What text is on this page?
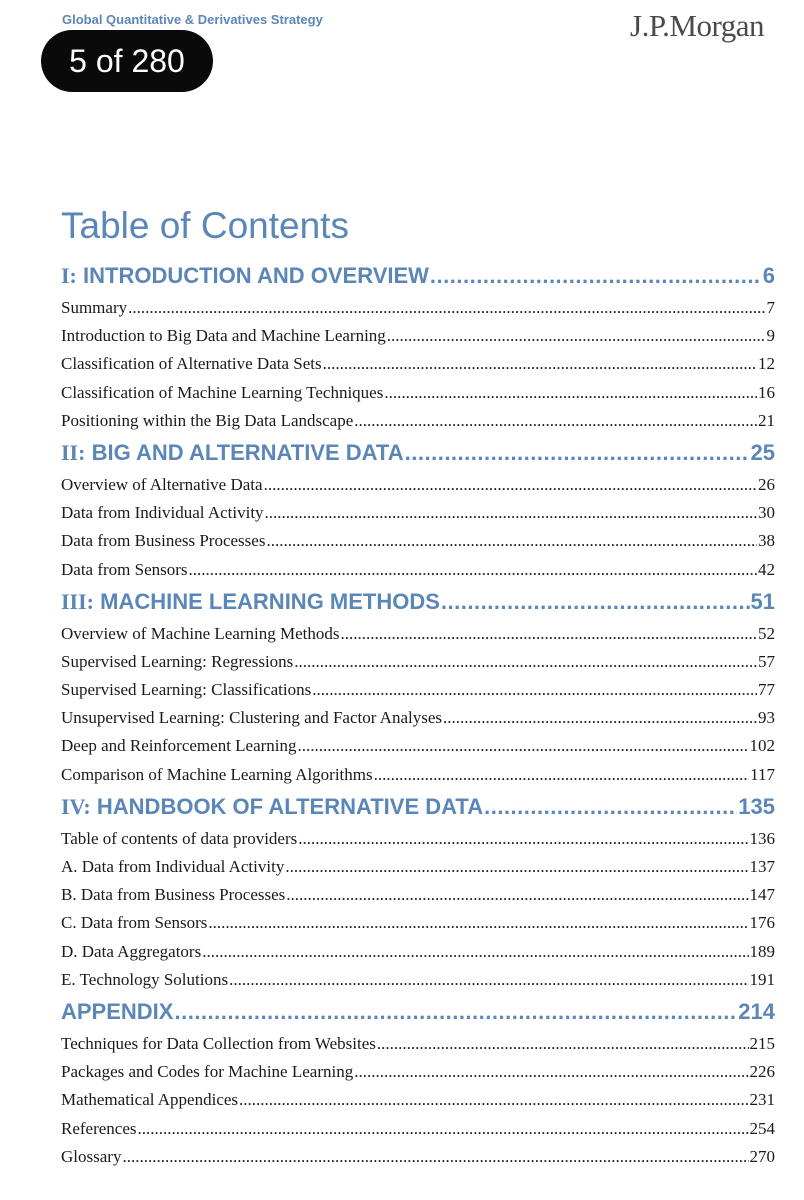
Global Quantitative & Derivatives Strategy	J.P.Morgan
5 of 280
Table of Contents
I: INTRODUCTION AND OVERVIEW .....	6
Summary .....	7
Introduction to Big Data and Machine Learning .....	9
Classification of Alternative Data Sets .....	12
Classification of Machine Learning Techniques .....	16
Positioning within the Big Data Landscape .....	21
II: BIG AND ALTERNATIVE DATA .....	25
Overview of Alternative Data .....	26
Data from Individual Activity .....	30
Data from Business Processes .....	38
Data from Sensors .....	42
III: MACHINE LEARNING METHODS .....	51
Overview of Machine Learning Methods .....	52
Supervised Learning: Regressions .....	57
Supervised Learning: Classifications .....	77
Unsupervised Learning: Clustering and Factor Analyses .....	93
Deep and Reinforcement Learning .....	102
Comparison of Machine Learning Algorithms .....	117
IV: HANDBOOK OF ALTERNATIVE DATA .....	135
Table of contents of data providers .....	136
A. Data from Individual Activity .....	137
B. Data from Business Processes .....	147
C. Data from Sensors .....	176
D. Data Aggregators .....	189
E. Technology Solutions .....	191
APPENDIX .....	214
Techniques for Data Collection from Websites .....	215
Packages and Codes for Machine Learning .....	226
Mathematical Appendices .....	231
References .....	254
Glossary .....	270
